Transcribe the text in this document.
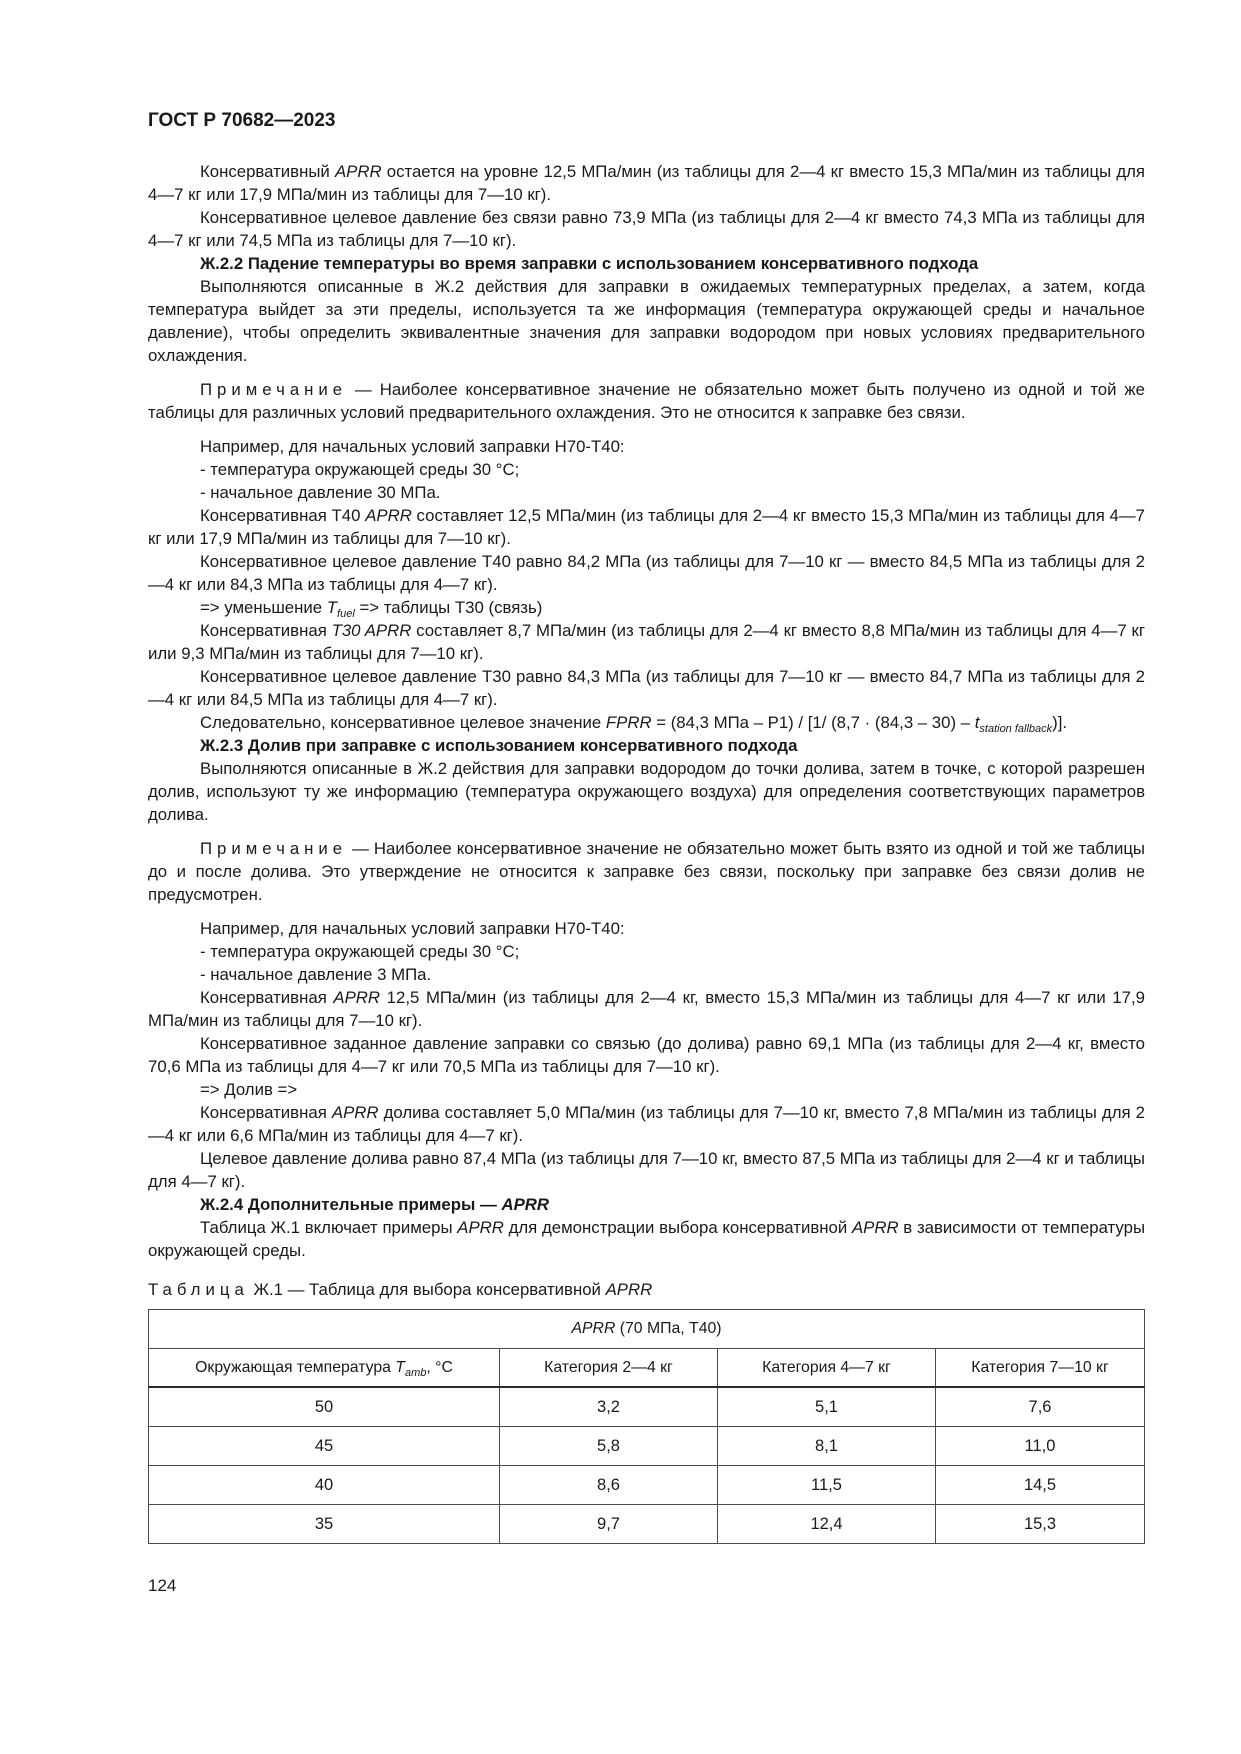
ГОСТ Р 70682—2023

Консервативный APRR остается на уровне 12,5 МПа/мин (из таблицы для 2—4 кг вместо 15,3 МПа/мин из таблицы для 4—7 кг или 17,9 МПа/мин из таблицы для 7—10 кг).

Консервативное целевое давление без связи равно 73,9 МПа (из таблицы для 2—4 кг вместо 74,3 МПа из таблицы для 4—7 кг или 74,5 МПа из таблицы для 7—10 кг).

Ж.2.2 Падение температуры во время заправки с использованием консервативного подхода

Выполняются описанные в Ж.2 действия для заправки в ожидаемых температурных пределах, а затем, когда температура выйдет за эти пределы, используется та же информация (температура окружающей среды и начальное давление), чтобы определить эквивалентные значения для заправки водородом при новых условиях предварительного охлаждения.

Примечание — Наиболее консервативное значение не обязательно может быть получено из одной и той же таблицы для различных условий предварительного охлаждения. Это не относится к заправке без связи.

Например, для начальных условий заправки Н70-Т40:

- температура окружающей среды 30 °С;

- начальное давление 30 МПа.

Консервативная Т40 APRR составляет 12,5 МПа/мин (из таблицы для 2—4 кг вместо 15,3 МПа/мин из таблицы для 4—7 кг или 17,9 МПа/мин из таблицы для 7—10 кг).

Консервативное целевое давление Т40 равно 84,2 МПа (из таблицы для 7—10 кг — вместо 84,5 МПа из таблицы для 2—4 кг или 84,3 МПа из таблицы для 4—7 кг).

=> уменьшение $T_{fuel}$ => таблицы Т30 (связь)

Консервативная T30 APRR составляет 8,7 МПа/мин (из таблицы для 2—4 кг вместо 8,8 МПа/мин из таблицы для 4—7 кг или 9,3 МПа/мин из таблицы для 7—10 кг).

Консервативное целевое давление Т30 равно 84,3 МПа (из таблицы для 7—10 кг — вместо 84,7 МПа из таблицы для 2—4 кг или 84,5 МПа из таблицы для 4—7 кг).

Следовательно, консервативное целевое значение FPRR = (84,3 МПа – Р1) / [1/ $(8,7 \cdot (84,3 - 30) - t_{station fallback})$].

Ж.2.3 Долив при заправке с использованием консервативного подхода

Выполняются описанные в Ж.2 действия для заправки водородом до точки долива, затем в точке, с которой разрешен долив, используют ту же информацию (температура окружающего воздуха) для определения соответствующих параметров долива.

Примечание — Наиболее консервативное значение не обязательно может быть взято из одной и той же таблицы до и после долива. Это утверждение не относится к заправке без связи, поскольку при заправке без связи долив не предусмотрен.

Например, для начальных условий заправки Н70-Т40:

- температура окружающей среды 30 °С;

- начальное давление 3 МПа.

Консервативная APRR 12,5 МПа/мин (из таблицы для 2—4 кг, вместо 15,3 МПа/мин из таблицы для 4—7 кг или 17,9 МПа/мин из таблицы для 7—10 кг).

Консервативное заданное давление заправки со связью (до долива) равно 69,1 МПа (из таблицы для 2—4 кг, вместо 70,6 МПа из таблицы для 4—7 кг или 70,5 МПа из таблицы для 7—10 кг).

=> Долив =>

Консервативная APRR долива составляет 5,0 МПа/мин (из таблицы для 7—10 кг, вместо 7,8 МПа/мин из таблицы для 2—4 кг или 6,6 МПа/мин из таблицы для 4—7 кг).

Целевое давление долива равно 87,4 МПа (из таблицы для 7—10 кг, вместо 87,5 МПа из таблицы для 2—4 кг и таблицы для 4—7 кг).

Ж.2.4 Дополнительные примеры — APRR

Таблица Ж.1 включает примеры APRR для демонстрации выбора консервативной APRR в зависимости от температуры окружающей среды.

Таблица Ж.1 — Таблица для выбора консервативной APRR

APRR (70 МПа, Т40)			
Окружающая температура $T_{amb}$, °С	Категория 2—4 кг	Категория 4—7 кг	Категория 7—10 кг
50	3,2	5,1	7,6
45	5,8	8,1	11,0
40	8,6	11,5	14,5
35	9,7	12,4	15,3
124
